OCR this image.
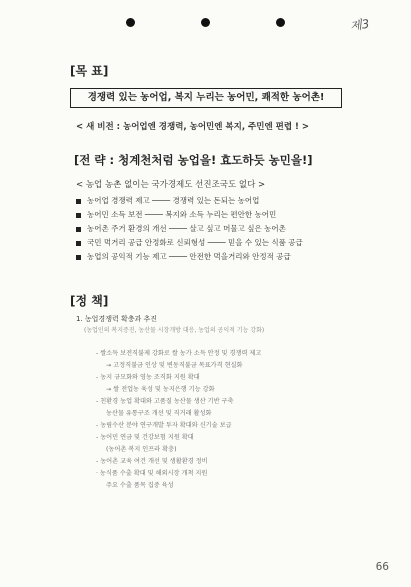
제3
[목 표]
경쟁력 있는 농어업, 복지 누리는 농어민, 쾌적한 농어촌!
< 새 비전 : 농어업엔 경쟁력, 농어민엔 복지, 주민엔 편렵 ! >
[전 략 : 청계천처럼 농업을! 효도하듯 농민을!]
< 농업 농촌 없이는 국가경제도 선진조국도 없다 >
농어업 경쟁력 제고 ──── 경쟁력 있는 돈되는 농어업
농어민 소득 보전 ──── 복지와 소득 누리는 편안한 농어민
농어촌 주거 환경의 개선 ──── 살고 싶고 머물고 싶은 농어촌
국민 먹거리 공급 안정화로 신뢰형성 ──── 믿을 수 있는 식품 공급
농업의 공익적 기능 제고 ──── 안전한 먹을거리와 안정적 공급
[정 책]
1. 농업경쟁력 확충과 추진
(농업인의 복지증진, 농산물 시장개방 대응, 농업의 공익적 기능 강화)
- 쌀소득 보전직불제 강화로 쌀 농가 소득 안정 및 경쟁력 제고
→ 고정직불금 인상 및 변동직불금 목표가격 현실화
- 농지 규모화와 영농 조직화 지원 확대
→ 쌀 전업농 육성 및 농지은행 기능 강화
- 친환경 농업 확대와 고품질 농산물 생산 기반 구축
농산물 유통구조 개선 및 직거래 활성화
- 농림수산 분야 연구개발 투자 확대와 신기술 보급
- 농어민 연금 및 건강보험 지원 확대
(농어촌 복지 인프라 확충)
- 농어촌 교육 여건 개선 및 생활환경 정비
· 농식품 수출 확대 및 해외시장 개척 지원
주요 수출 품목 집중 육성
66
